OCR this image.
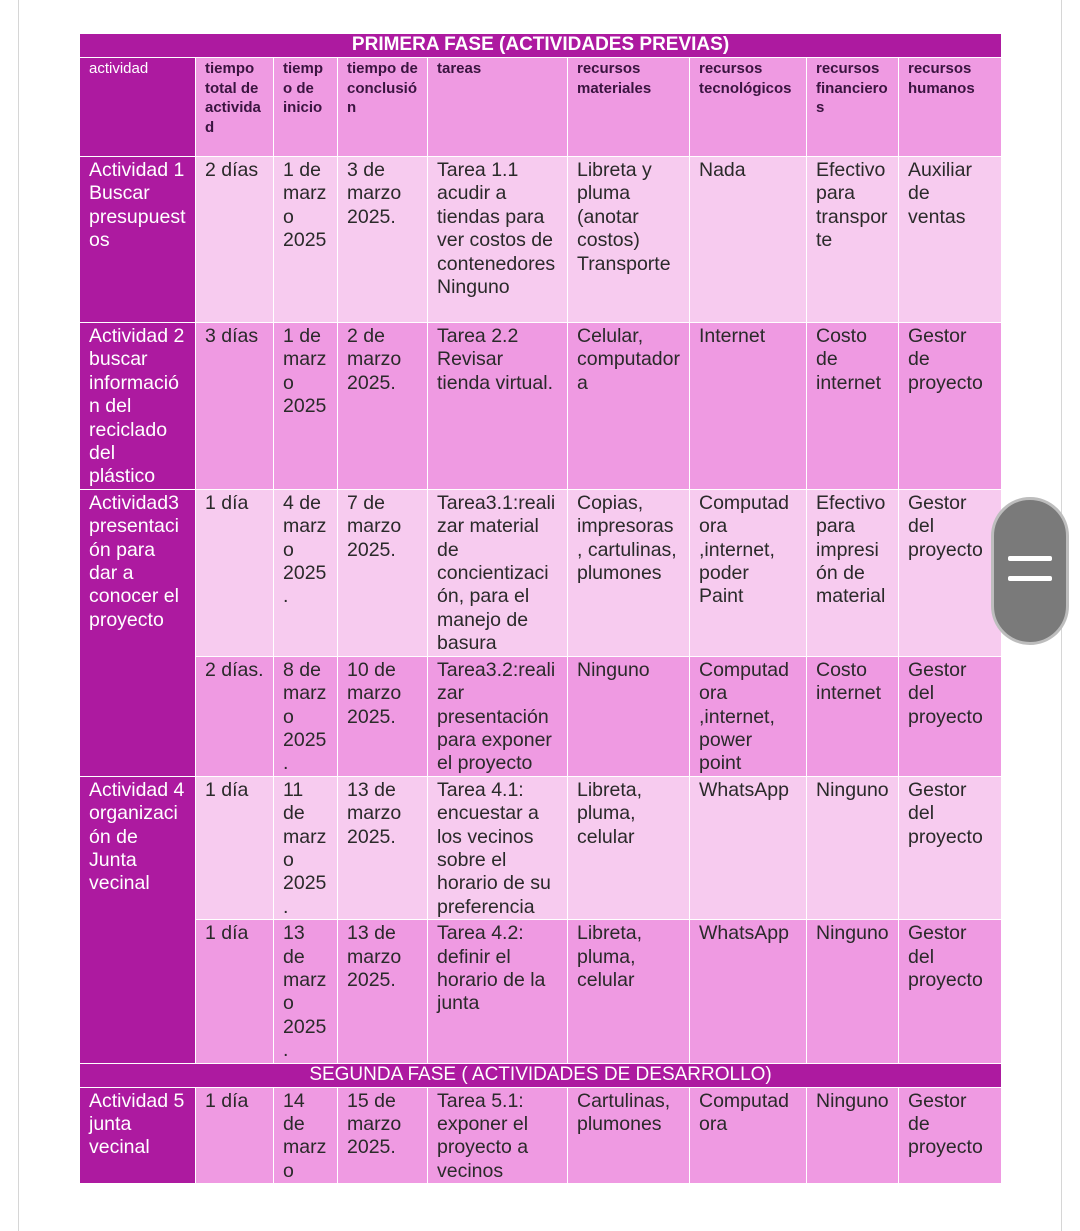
PRIMERA FASE (ACTIVIDADES PREVIAS)								
actividad	tiempo total de actividad	tiempo de inicio	tiempo de conclusión	tareas	recursos materiales	recursos tecnológicos	recursos financieros	recursos humanos
Actividad 1 Buscar presupuestos	2 días	1 de marzo 2025	3 de marzo 2025.	Tarea 1.1 acudir a tiendas para ver costos de contenedores Ninguno	Libreta y pluma (anotar costos) Transporte	Nada	Efectivo para transporte	Auxiliar de ventas
Actividad 2 buscar información del reciclado del plástico	3 días	1 de marzo 2025	2 de marzo 2025.	Tarea 2.2 Revisar tienda virtual.	Celular, computadora	Internet	Costo de internet	Gestor de proyecto
Actividad3 presentación para dar a conocer el proyecto	1 día	4 de marzo 2025.	7 de marzo 2025.	Tarea3.1:realizar material de concientización, para el manejo de basura	Copias, impresoras , cartulinas, plumones	Computadora ,internet, poder Paint	Efectivo para impresión de material	Gestor del proyecto
	2 días.	8 de marzo 2025.	10 de marzo 2025.	Tarea3.2:realizar presentación para exponer el proyecto	Ninguno	Computadora ,internet, power point	Costo internet	Gestor del proyecto
Actividad 4 organización de Junta vecinal	1 día	11 de marzo 2025.	13 de marzo 2025.	Tarea 4.1: encuestar a los vecinos sobre el horario de su preferencia	Libreta, pluma, celular	WhatsApp	Ninguno	Gestor del proyecto
	1 día	13 de marzo 2025.	13 de marzo 2025.	Tarea 4.2: definir el horario de la junta	Libreta, pluma, celular	WhatsApp	Ninguno	Gestor del proyecto
SEGUNDA FASE ( ACTIVIDADES DE DESARROLLO)								
Actividad 5 junta vecinal	1 día	14 de marzo	15 de marzo 2025.	Tarea 5.1: exponer el proyecto a vecinos	Cartulinas, plumones	Computadora	Ninguno	Gestor de proyecto
